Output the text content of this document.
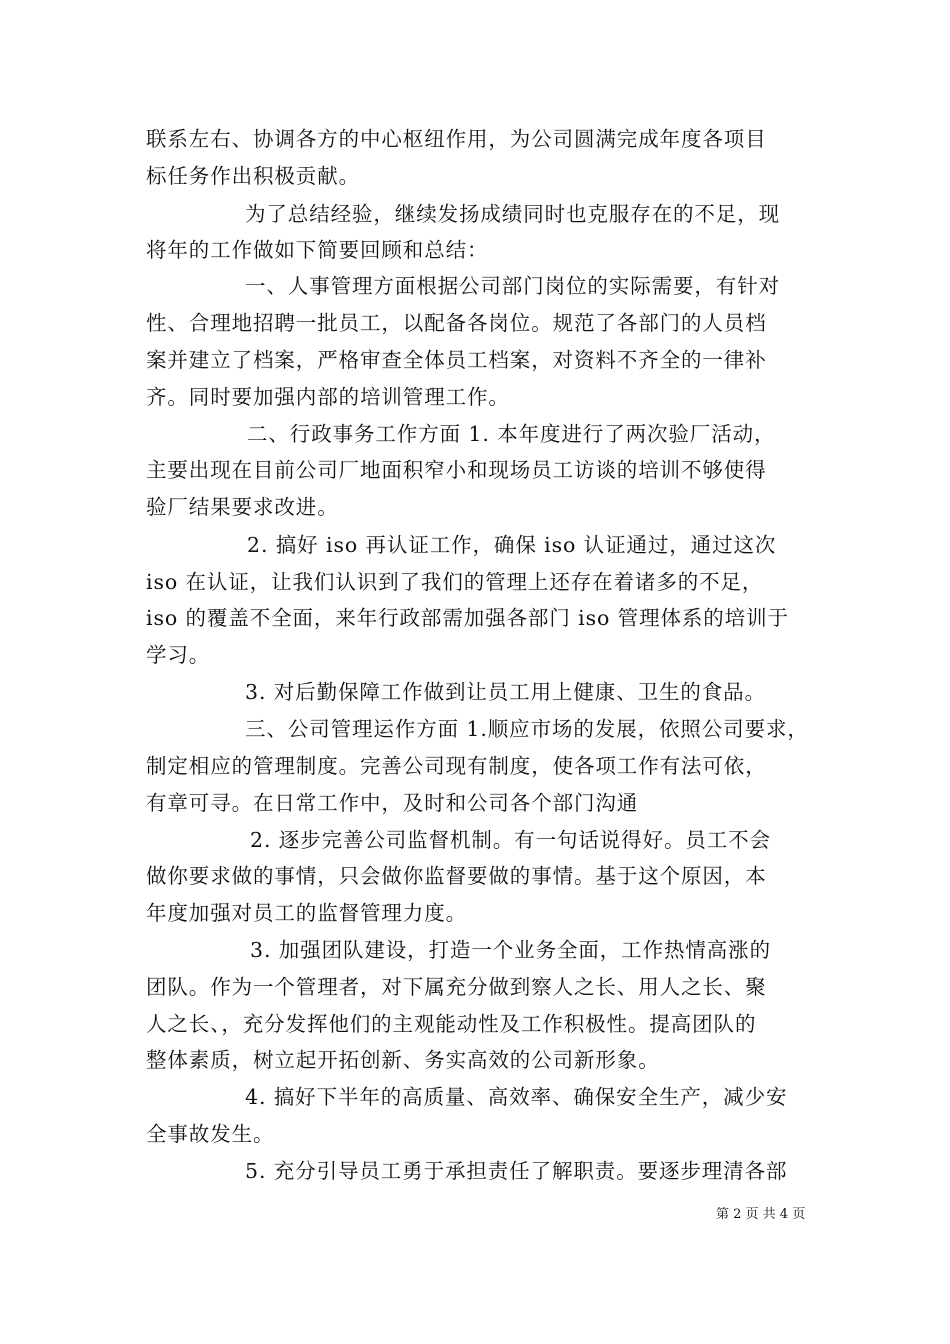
联系左右、协调各方的中心枢纽作用，为公司圆满完成年度各项目
标任务作出积极贡献。
为了总结经验，继续发扬成绩同时也克服存在的不足，现
将年的工作做如下简要回顾和总结：
一、人事管理方面根据公司部门岗位的实际需要，有针对
性、合理地招聘一批员工，以配备各岗位。规范了各部门的人员档
案并建立了档案，严格审查全体员工档案，对资料不齐全的一律补
齐。同时要加强内部的培训管理工作。
二、行政事务工作方面 1. 本年度进行了两次验厂活动，
主要出现在目前公司厂地面积窄小和现场员工访谈的培训不够使得
验厂结果要求改进。
2. 搞好 iso 再认证工作，确保 iso 认证通过，通过这次
iso 在认证，让我们认识到了我们的管理上还存在着诸多的不足，
iso 的覆盖不全面，来年行政部需加强各部门 iso 管理体系的培训于
学习。
3. 对后勤保障工作做到让员工用上健康、卫生的食品。
三、公司管理运作方面 1.顺应市场的发展，依照公司要求，
制定相应的管理制度。完善公司现有制度，使各项工作有法可依，
有章可寻。在日常工作中，及时和公司各个部门沟通
2. 逐步完善公司监督机制。有一句话说得好。员工不会
做你要求做的事情，只会做你监督要做的事情。基于这个原因，本
年度加强对员工的监督管理力度。
3. 加强团队建设，打造一个业务全面，工作热情高涨的
团队。作为一个管理者，对下属充分做到察人之长、用人之长、聚
人之长、，充分发挥他们的主观能动性及工作积极性。提高团队的
整体素质，树立起开拓创新、务实高效的公司新形象。
4. 搞好下半年的高质量、高效率、确保安全生产，减少安
全事故发生。
5. 充分引导员工勇于承担责任了解职责。要逐步理清各部
第 2 页 共 4 页
